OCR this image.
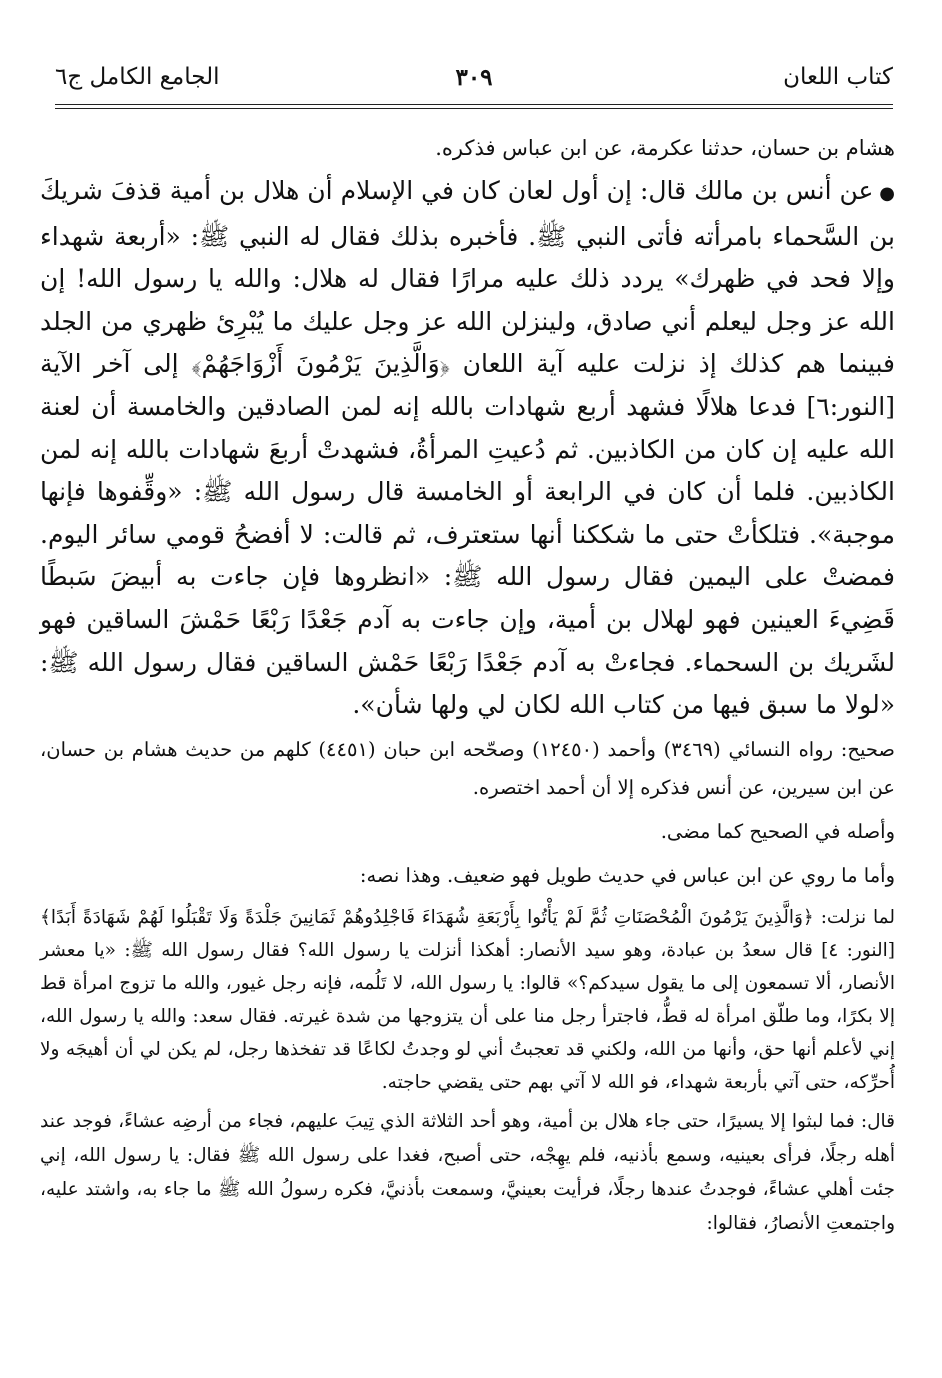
كتاب اللعان
٣٠٩
الجامع الكامل ج٦

هشام بن حسان، حدثنا عكرمة، عن ابن عباس فذكره.

● عن أنس بن مالك قال: إن أول لعان كان في الإسلام أن هلال بن أمية قذفَ شريكَ بن السَّحماء بامرأته فأتى النبي ﷺ. فأخبره بذلك فقال له النبي ﷺ: «أربعة شهداء وإلا فحد في ظهرك» يردد ذلك عليه مرارًا فقال له هلال: والله يا رسول الله! إن الله عز وجل ليعلم أني صادق، ولينزلن الله عز وجل عليك ما يُبْرِئ ظهري من الجلد فبينما هم كذلك إذ نزلت عليه آية اللعان ﴿وَالَّذِينَ يَرْمُونَ أَزْوَاجَهُمْ﴾ إلى آخر الآية [النور:٦] فدعا هلالًا فشهد أربع شهادات بالله إنه لمن الصادقين والخامسة أن لعنة الله عليه إن كان من الكاذبين. ثم دُعيتِ المرأةُ، فشهدتْ أربعَ شهادات بالله إنه لمن الكاذبين. فلما أن كان في الرابعة أو الخامسة قال رسول الله ﷺ: «وقِّفوها فإنها موجبة». فتلكأتْ حتى ما شككنا أنها ستعترف، ثم قالت: لا أفضحُ قومي سائر اليوم. فمضتْ على اليمين فقال رسول الله ﷺ: «انظروها فإن جاءت به أبيضَ سَبطًا قَضِيءَ العينين فهو لهلال بن أمية، وإن جاءت به آدم جَعْدًا رَبْعًا حَمْشَ الساقين فهو لشَريك بن السحماء. فجاءتْ به آدم جَعْدًا رَبْعًا حَمْش الساقين فقال رسول الله ﷺ: «لولا ما سبق فيها من كتاب الله لكان لي ولها شأن».

صحيح: رواه النسائي (٣٤٦٩) وأحمد (١٢٤٥٠) وصحّحه ابن حبان (٤٤٥١) كلهم من حديث هشام بن حسان، عن ابن سيرين، عن أنس فذكره إلا أن أحمد اختصره.

وأصله في الصحيح كما مضى.

وأما ما روي عن ابن عباس في حديث طويل فهو ضعيف. وهذا نصه:

لما نزلت: ﴿وَالَّذِينَ يَرْمُونَ الْمُحْصَنَاتِ ثُمَّ لَمْ يَأْتُوا بِأَرْبَعَةِ شُهَدَاءَ فَاجْلِدُوهُمْ ثَمَانِينَ جَلْدَةً وَلَا تَقْبَلُوا لَهُمْ شَهَادَةً أَبَدًا﴾ [النور: ٤] قال سعدُ بن عبادة، وهو سيد الأنصار: أهكذا أنزلت يا رسول الله؟ فقال رسول الله ﷺ: «يا معشر الأنصار، ألا تسمعون إلى ما يقول سيدكم؟» قالوا: يا رسول الله، لا تَلُمه، فإنه رجل غيور، والله ما تزوج امرأة قط إلا بكرًا، وما طلّق امرأة له قطُّ، فاجترأ رجل منا على أن يتزوجها من شدة غيرته. فقال سعد: والله يا رسول الله، إني لأعلم أنها حق، وأنها من الله، ولكني قد تعجبتُ أني لو وجدتُ لكاعًا قد تفخذها رجل، لم يكن لي أن أهيجَه ولا أُحرِّكه، حتى آتي بأربعة شهداء، فو الله لا آتي بهم حتى يقضي حاجته.

قال: فما لبثوا إلا يسيرًا، حتى جاء هلال بن أمية، وهو أحد الثلاثة الذي تِيبَ عليهم، فجاء من أرضِه عشاءً، فوجد عند أهله رجلًا، فرأى بعينيه، وسمع بأذنيه، فلم يهِجْه، حتى أصبح، فغدا على رسول الله ﷺ فقال: يا رسول الله، إني جئت أهلي عشاءً، فوجدتُ عندها رجلًا، فرأيت بعينيَّ، وسمعت بأذنيَّ، فكره رسولُ الله ﷺ ما جاء به، واشتد عليه، واجتمعتِ الأنصارُ، فقالوا:
